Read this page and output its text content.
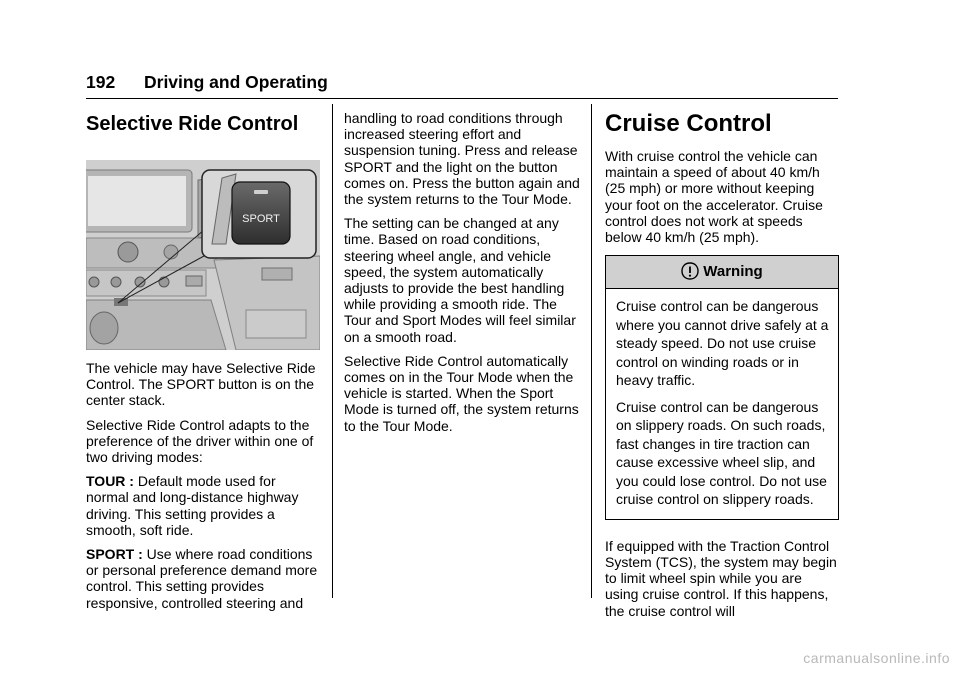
192 Driving and Operating
Selective Ride Control
SPORT

The vehicle may have Selective Ride Control. The SPORT button is on the center stack.

Selective Ride Control adapts to the preference of the driver within one of two driving modes:

TOUR : Default mode used for normal and long-distance highway driving. This setting provides a smooth, soft ride.

SPORT : Use where road conditions or personal preference demand more control. This setting provides responsive, controlled steering and

handling to road conditions through increased steering effort and suspension tuning. Press and release SPORT and the light on the button comes on. Press the button again and the system returns to the Tour Mode.

The setting can be changed at any time. Based on road conditions, steering wheel angle, and vehicle speed, the system automatically adjusts to provide the best handling while providing a smooth ride. The Tour and Sport Modes will feel similar on a smooth road.

Selective Ride Control automatically comes on in the Tour Mode when the vehicle is started. When the Sport Mode is turned off, the system returns to the Tour Mode.

Cruise Control

With cruise control the vehicle can maintain a speed of about 40 km/h (25 mph) or more without keeping your foot on the accelerator. Cruise control does not work at speeds below 40 km/h (25 mph).

Warning

Cruise control can be dangerous where you cannot drive safely at a steady speed. Do not use cruise control on winding roads or in heavy traffic.

Cruise control can be dangerous on slippery roads. On such roads, fast changes in tire traction can cause excessive wheel slip, and you could lose control. Do not use cruise control on slippery roads.

If equipped with the Traction Control System (TCS), the system may begin to limit wheel spin while you are using cruise control. If this happens, the cruise control will

carmanualsonline.info
